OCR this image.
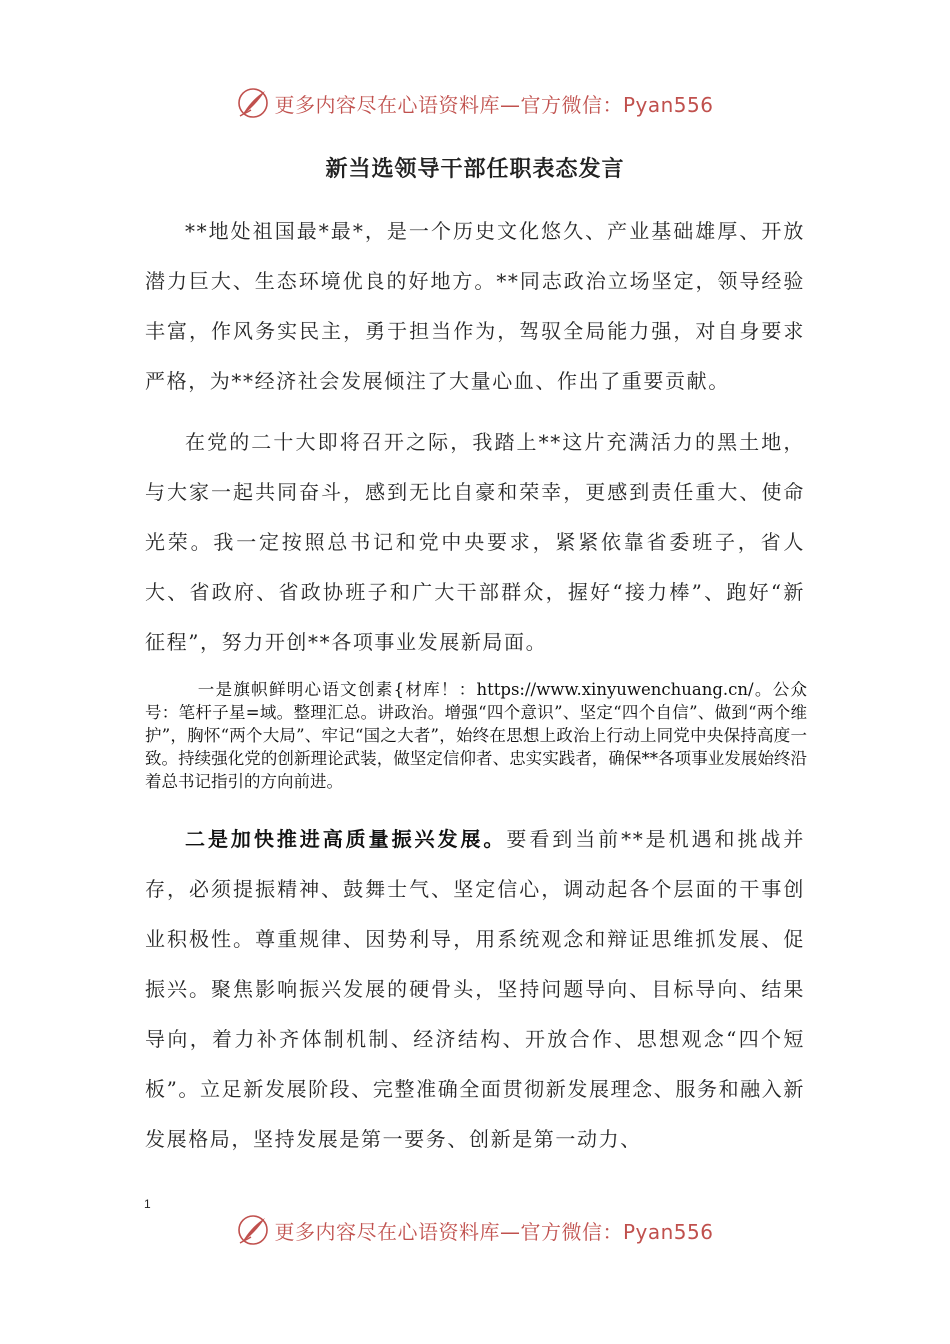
更多内容尽在心语资料库—官方微信：Pyan556
新当选领导干部任职表态发言

**地处祖国最*最*，是一个历史文化悠久、产业基础雄厚、开放潜力巨大、生态环境优良的好地方。**同志政治立场坚定，领导经验丰富，作风务实民主，勇于担当作为，驾驭全局能力强，对自身要求严格，为**经济社会发展倾注了大量心血、作出了重要贡献。

在党的二十大即将召开之际，我踏上**这片充满活力的黑土地，与大家一起共同奋斗，感到无比自豪和荣幸，更感到责任重大、使命光荣。我一定按照总书记和党中央要求，紧紧依靠省委班子，省人大、省政府、省政协班子和广大干部群众，握好“接力棒”、跑好“新征程”，努力开创**各项事业发展新局面。

一是旗帜鲜明心语文创素{材库！：https://www.xinyuwenchuang.cn/。公众号：笔杆子星=域。整理汇总。讲政治。增强“四个意识”、坚定“四个自信”、做到“两个维护”，胸怀“两个大局”、牢记“国之大者”，始终在思想上政治上行动上同党中央保持高度一致。持续强化党的创新理论武装，做坚定信仰者、忠实实践者，确保**各项事业发展始终沿着总书记指引的方向前进。

二是加快推进高质量振兴发展。要看到当前**是机遇和挑战并存，必须提振精神、鼓舞士气、坚定信心，调动起各个层面的干事创业积极性。尊重规律、因势利导，用系统观念和辩证思维抓发展、促振兴。聚焦影响振兴发展的硬骨头，坚持问题导向、目标导向、结果导向，着力补齐体制机制、经济结构、开放合作、思想观念“四个短板”。立足新发展阶段、完整准确全面贯彻新发展理念、服务和融入新发展格局，坚持发展是第一要务、创新是第一动力、

1
更多内容尽在心语资料库—官方微信：Pyan556
